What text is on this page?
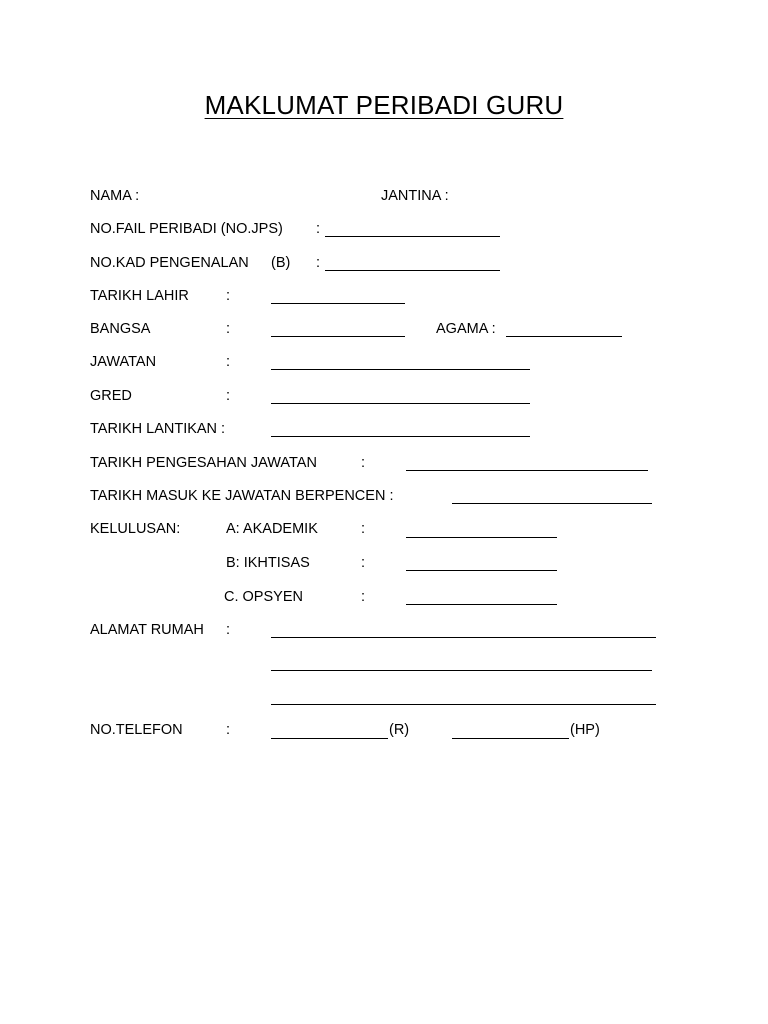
MAKLUMAT PERIBADI GURU
NAMA :	JANTINA :
NO.FAIL PERIBADI (NO.JPS) :
NO.KAD PENGENALAN (B) :
TARIKH LAHIR	:
BANGSA	:	AGAMA :
JAWATAN	:
GRED	:
TARIKH LANTIKAN :
TARIKH PENGESAHAN JAWATAN	:
TARIKH MASUK KE JAWATAN BERPENCEN :
KELULUSAN:	A: AKADEMIK	:
B: IKHTISAS	:
C. OPSYEN	:
ALAMAT RUMAH :
NO.TELEFON	:	(R)	(HP)
